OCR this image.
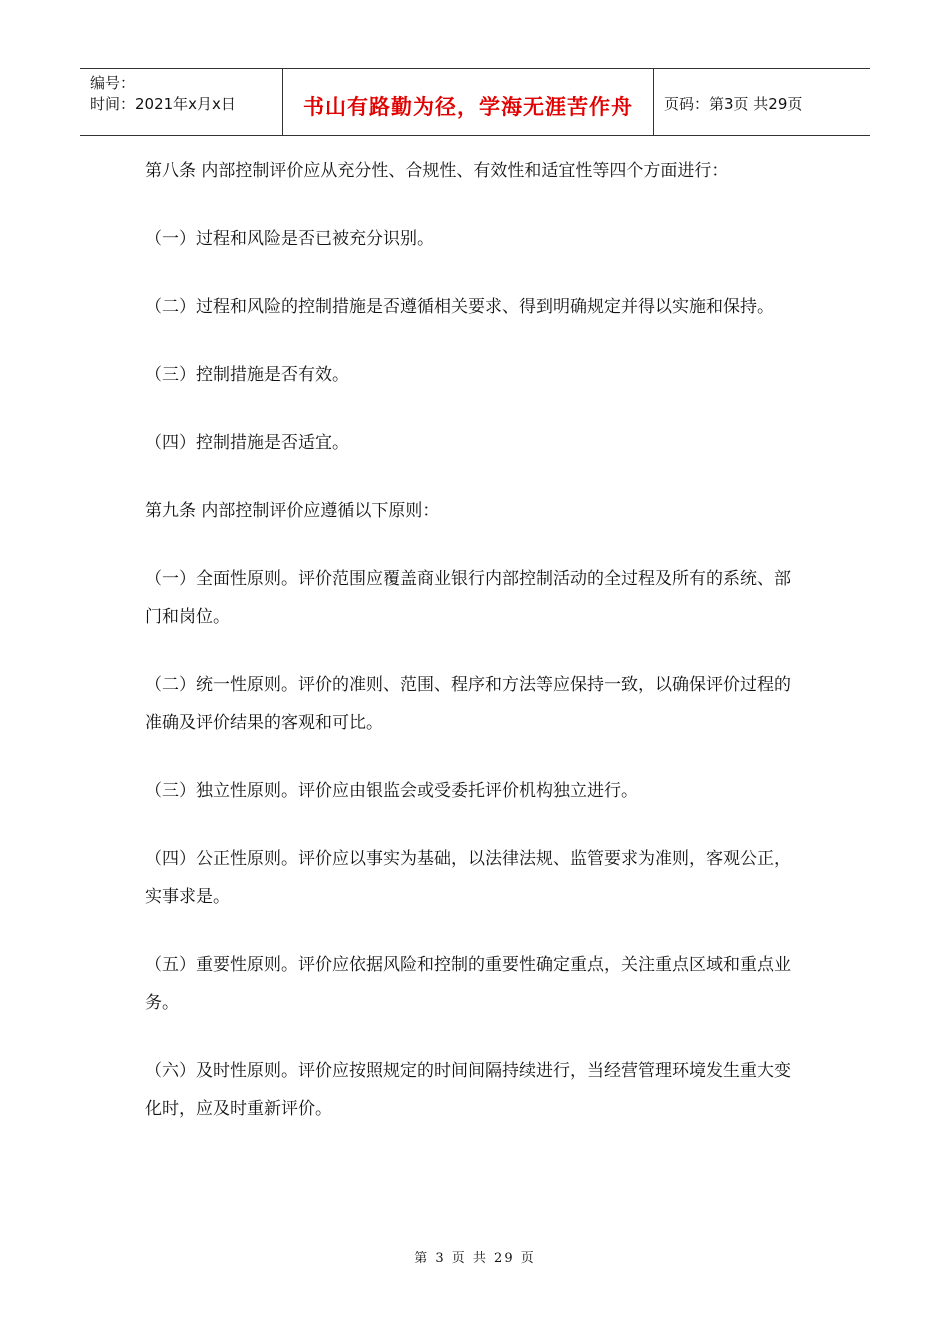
编号：
时间：2021年x月x日	书山有路勤为径，学海无涯苦作舟	页码：第3页 共29页

第八条 内部控制评价应从充分性、合规性、有效性和适宜性等四个方面进行：

（一）过程和风险是否已被充分识别。

（二）过程和风险的控制措施是否遵循相关要求、得到明确规定并得以实施和保持。

（三）控制措施是否有效。

（四）控制措施是否适宜。

第九条 内部控制评价应遵循以下原则：

（一）全面性原则。评价范围应覆盖商业银行内部控制活动的全过程及所有的系统、部门和岗位。

（二）统一性原则。评价的准则、范围、程序和方法等应保持一致，以确保评价过程的准确及评价结果的客观和可比。

（三）独立性原则。评价应由银监会或受委托评价机构独立进行。

（四）公正性原则。评价应以事实为基础，以法律法规、监管要求为准则，客观公正，实事求是。

（五）重要性原则。评价应依据风险和控制的重要性确定重点，关注重点区域和重点业务。

（六）及时性原则。评价应按照规定的时间间隔持续进行，当经营管理环境发生重大变化时，应及时重新评价。

第 3 页 共 29 页
